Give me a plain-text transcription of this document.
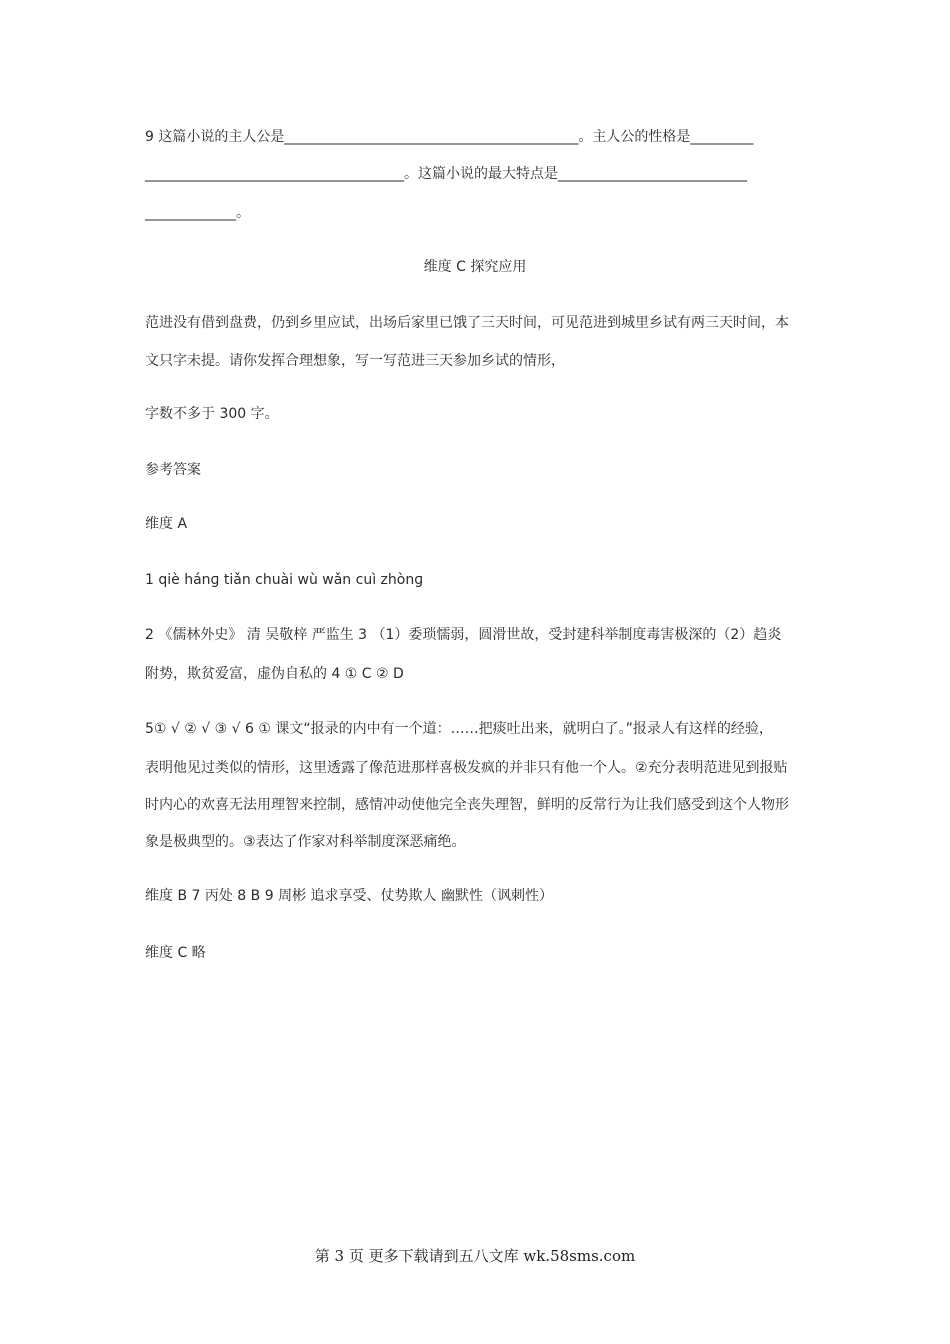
9 这篇小说的主人公是__________________________________________。主人公的性格是_________
_____________________________________。这篇小说的最大特点是___________________________
_____________。
维度 C 探究应用
范进没有借到盘费，仍到乡里应试，出场后家里已饿了三天时间，可见范进到城里乡试有两三天时间，本
文只字未提。请你发挥合理想象，写一写范进三天参加乡试的情形，
字数不多于 300 字。
参考答案
维度 A
1 qiè hánɡ tiǎn chuài wù wǎn cuì zhònɡ
2 《儒林外史》 清 吴敬梓 严监生 3 （1）委琐懦弱，圆滑世故，受封建科举制度毒害极深的（2）趋炎
附势，欺贫爱富，虚伪自私的 4 ① C ② D
5① √ ② √ ③ √ 6 ① 课文“报录的内中有一个道：……把痰吐出来，就明白了。”报录人有这样的经验，
表明他见过类似的情形，这里透露了像范进那样喜极发疯的并非只有他一个人。②充分表明范进见到报贴
时内心的欢喜无法用理智来控制，感情冲动使他完全丧失理智，鲜明的反常行为让我们感受到这个人物形
象是极典型的。③表达了作家对科举制度深恶痛绝。
维度 B 7 丙处 8 B 9 周彬 追求享受、仗势欺人 幽默性（讽刺性）
维度 C 略
第 3 页 更多下载请到五八文库 wk.58sms.com
